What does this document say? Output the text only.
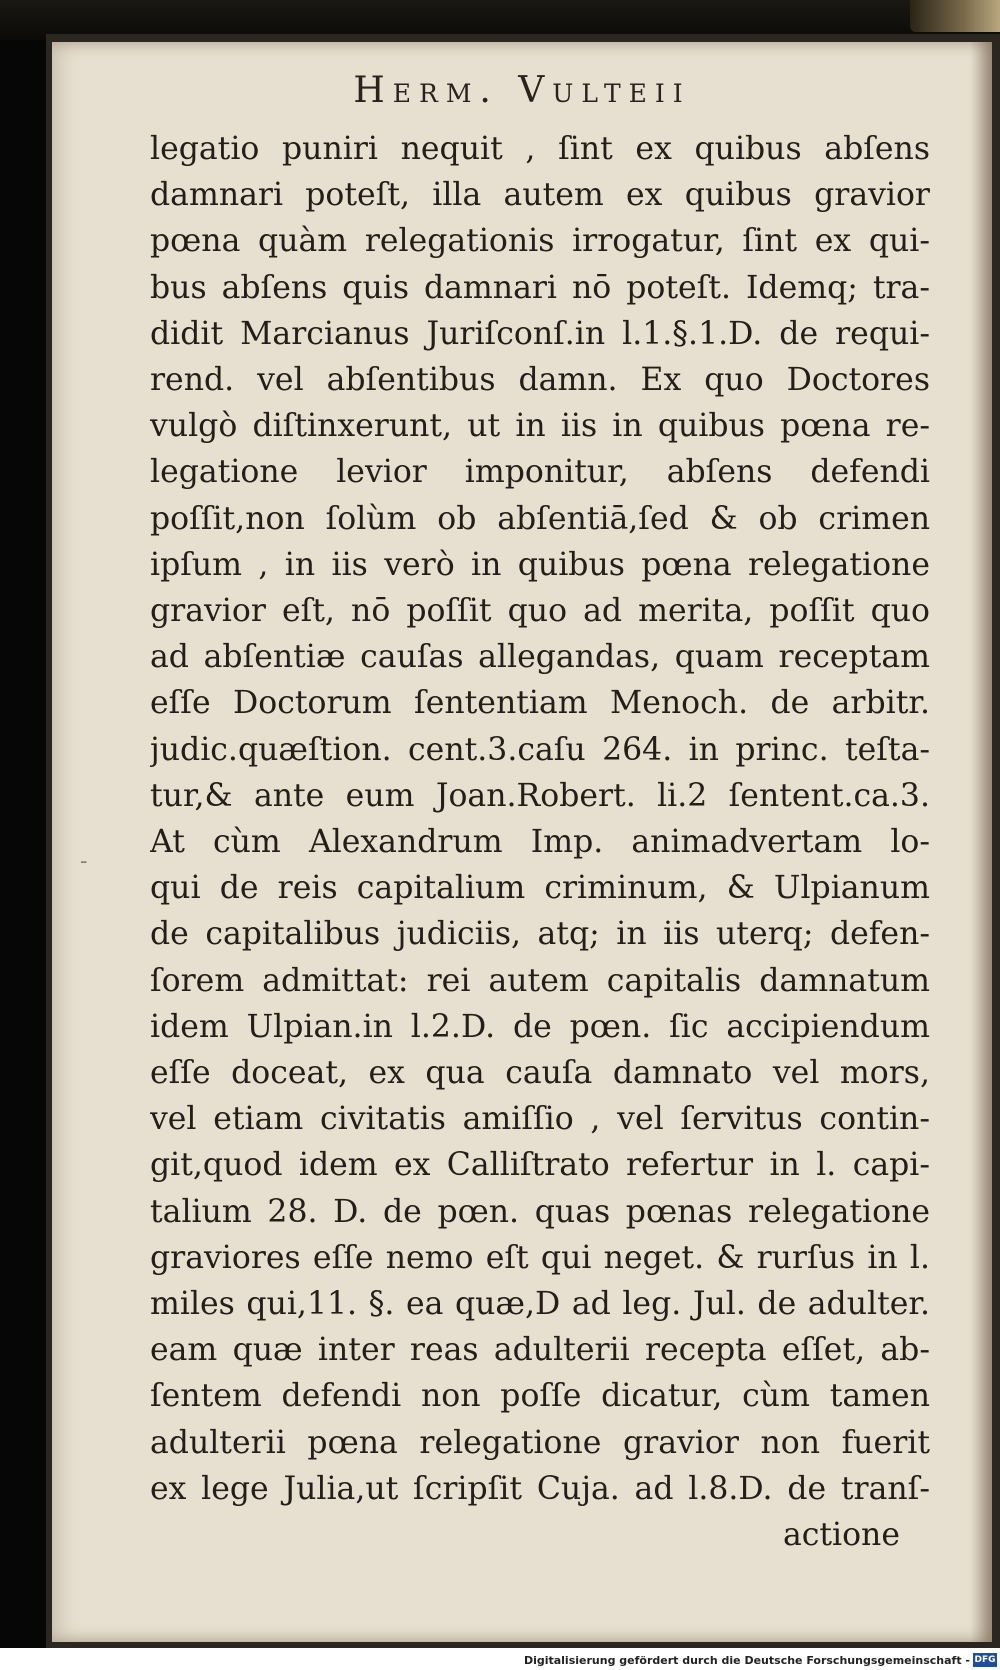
Herm. Vulteii
legatio puniri nequit , ſint ex quibus abſens
damnari poteſt, illa autem ex quibus gravior
pœna quàm relegationis irrogatur, ſint ex qui-
bus abſens quis damnari nō poteſt. Idemq; tra-
didit Marcianus Juriſconſ.in l.1.§.1.D. de requi-
rend. vel abſentibus damn. Ex quo Doctores
vulgò diſtinxerunt, ut in iis in quibus pœna re-
legatione levior imponitur, abſens defendi
poſſit,non ſolùm ob abſentiā,ſed & ob crimen
ipſum , in iis verò in quibus pœna relegatione
gravior eſt, nō poſſit quo ad merita, poſſit quo
ad abſentiæ cauſas allegandas, quam receptam
eſſe Doctorum ſententiam Menoch. de arbitr.
judic.quæſtion. cent.3.caſu 264. in princ. teſta-
tur,& ante eum Joan.Robert. li.2 ſentent.ca.3.
At cùm Alexandrum Imp. animadvertam lo-
qui de reis capitalium criminum, & Ulpianum
de capitalibus judiciis, atq; in iis uterq; defen-
ſorem admittat: rei autem capitalis damnatum
idem Ulpian.in l.2.D. de pœn. ſic accipiendum
eſſe doceat, ex qua cauſa damnato vel mors,
vel etiam civitatis amiſſio , vel ſervitus contin-
git,quod idem ex Calliſtrato refertur in l. capi-
talium 28. D. de pœn. quas pœnas relegatione
graviores eſſe nemo eſt qui neget. & rurſus in l.
miles qui,11. §. ea quæ,D ad leg. Jul. de adulter.
eam quæ inter reas adulterii recepta eſſet, ab-
ſentem defendi non poſſe dicatur, cùm tamen
adulterii pœna relegatione gravior non fuerit
ex lege Julia,ut ſcripſit Cuja. ad l.8.D. de tranſ-
actione
-
Digitalisierung gefördert durch die Deutsche Forschungsgemeinschaft - DFG
